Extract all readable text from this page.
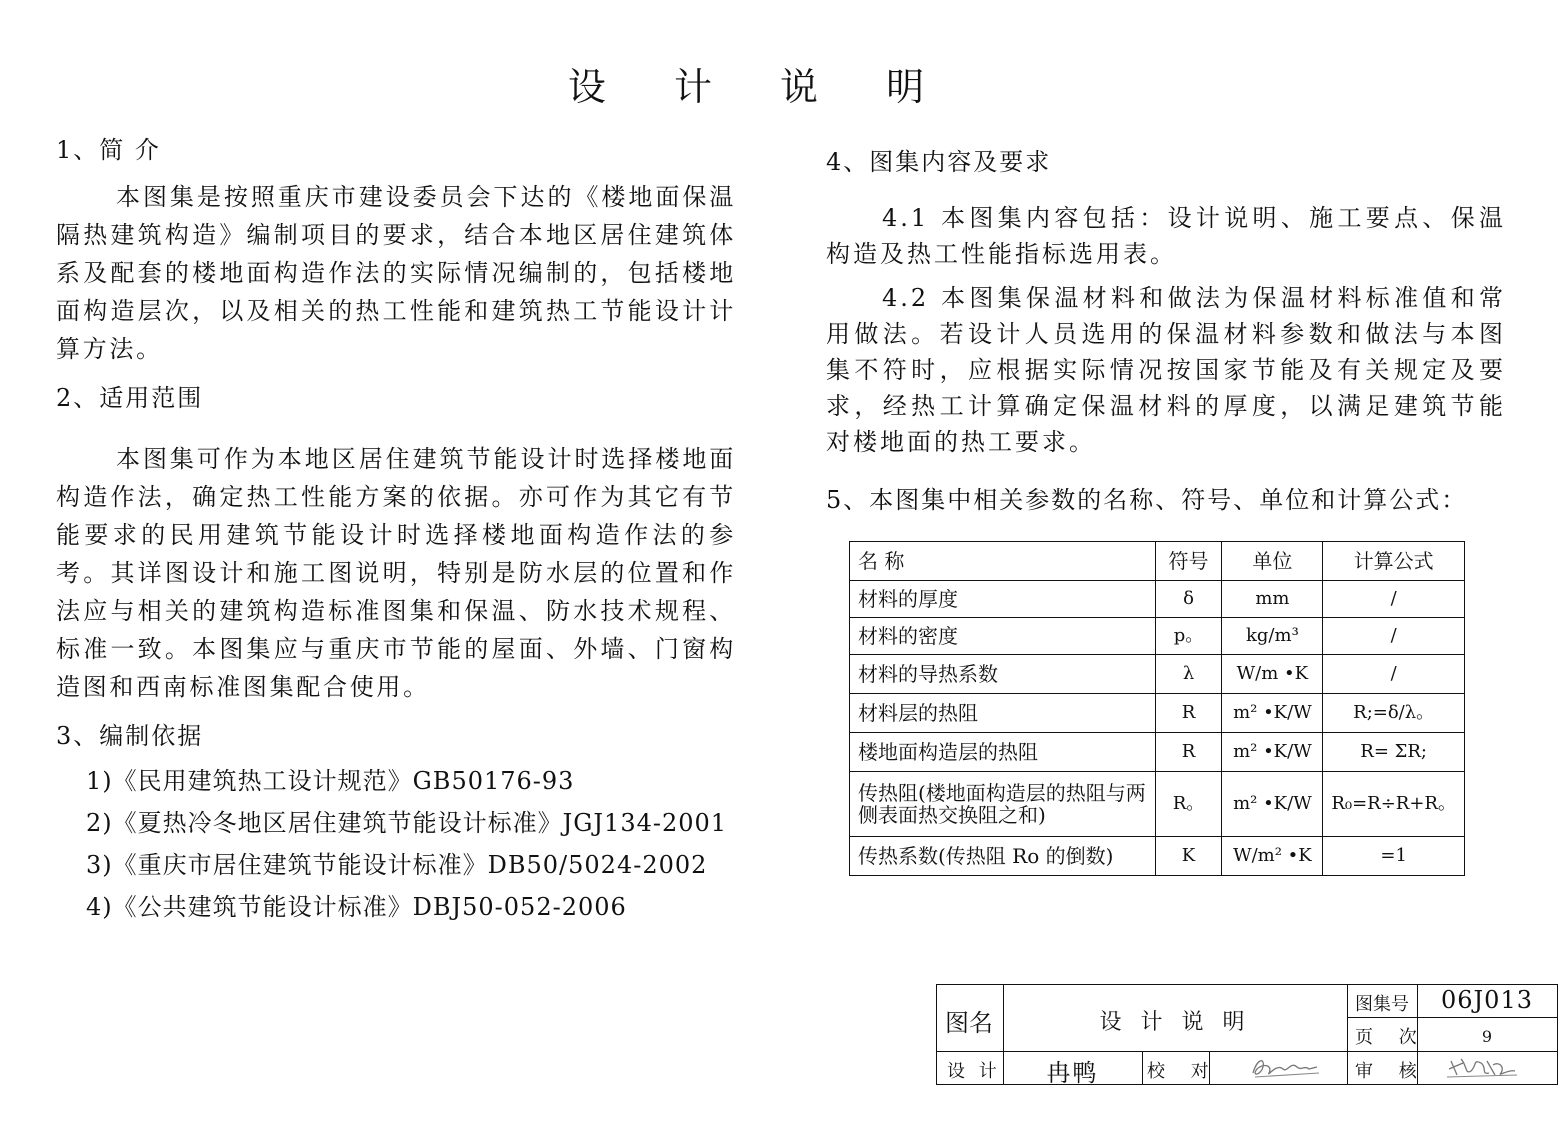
设 计 说 明
1、简 介

本图集是按照重庆市建设委员会下达的《楼地面保温隔热建筑构造》编制项目的要求，结合本地区居住建筑体系及配套的楼地面构造作法的实际情况编制的，包括楼地面构造层次，以及相关的热工性能和建筑热工节能设计计算方法。

2、适用范围

本图集可作为本地区居住建筑节能设计时选择楼地面构造作法，确定热工性能方案的依据。亦可作为其它有节能要求的民用建筑节能设计时选择楼地面构造作法的参考。其详图设计和施工图说明，特别是防水层的位置和作法应与相关的建筑构造标准图集和保温、防水技术规程、标准一致。本图集应与重庆市节能的屋面、外墙、门窗构造图和西南标准图集配合使用。

3、编制依据
1)《民用建筑热工设计规范》GB50176-93
2)《夏热冷冬地区居住建筑节能设计标准》JGJ134-2001
3)《重庆市居住建筑节能设计标准》DB50/5024-2002
4)《公共建筑节能设计标准》DBJ50-052-2006
4、图集内容及要求

4.1 本图集内容包括：设计说明、施工要点、保温构造及热工性能指标选用表。

4.2 本图集保温材料和做法为保温材料标准值和常 用做法。若设计人员选用的保温材料参数和做法与本图 集不符时，应根据实际情况按国家节能及有关规定及要 求，经热工计算确定保温材料的厚度，以满足建筑节能 对楼地面的热工要求。

5、本图集中相关参数的名称、符号、单位和计算公式：
名 称	符号	单位	计算公式
材料的厚度	δ	mm	/
材料的密度	p。	kg/m³	/
材料的导热系数	λ	W/m •K	/
材料层的热阻	R	m² •K/W	R;=δ/λ。
楼地面构造层的热阻	R	m² •K/W	R= ΣR;
传热阻(楼地面构造层的热阻与两侧表面热交换阻之和)	R。	m² •K/W	R₀=R÷R+R。
传热系数(传热阻 Ro 的倒数)	K	W/m² •K	=1
图名	设 计 说 明
图集号	06J013
页 次	9
设 计	冉鸭	校 对	审 核
